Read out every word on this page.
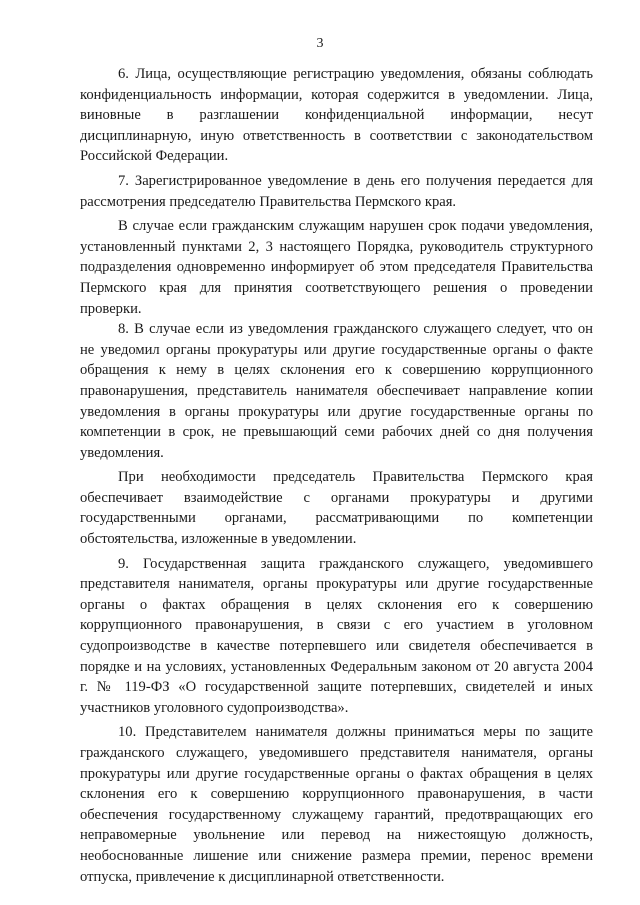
3

6. Лица, осуществляющие регистрацию уведомления, обязаны соблюдать конфиденциальность информации, которая содержится в уведомлении. Лица, виновные в разглашении конфиденциальной информации, несут дисциплинарную, иную ответственность в соответствии с законодательством Российской Федерации.

7. Зарегистрированное уведомление в день его получения передается для рассмотрения председателю Правительства Пермского края.

В случае если гражданским служащим нарушен срок подачи уведомления, установленный пунктами 2, 3 настоящего Порядка, руководитель структурного подразделения одновременно информирует об этом председателя Правительства Пермского края для принятия соответствующего решения о проведении проверки.

8. В случае если из уведомления гражданского служащего следует, что он не уведомил органы прокуратуры или другие государственные органы о факте обращения к нему в целях склонения его к совершению коррупционного правонарушения, представитель нанимателя обеспечивает направление копии уведомления в органы прокуратуры или другие государственные органы по компетенции в срок, не превышающий семи рабочих дней со дня получения уведомления.

При необходимости председатель Правительства Пермского края обеспечивает взаимодействие с органами прокуратуры и другими государственными органами, рассматривающими по компетенции обстоятельства, изложенные в уведомлении.

9. Государственная защита гражданского служащего, уведомившего представителя нанимателя, органы прокуратуры или другие государственные органы о фактах обращения в целях склонения его к совершению коррупционного правонарушения, в связи с его участием в уголовном судопроизводстве в качестве потерпевшего или свидетеля обеспечивается в порядке и на условиях, установленных Федеральным законом от 20 августа 2004 г. № 119-ФЗ «О государственной защите потерпевших, свидетелей и иных участников уголовного судопроизводства».

10. Представителем нанимателя должны приниматься меры по защите гражданского служащего, уведомившего представителя нанимателя, органы прокуратуры или другие государственные органы о фактах обращения в целях склонения его к совершению коррупционного правонарушения, в части обеспечения государственному служащему гарантий, предотвращающих его неправомерные увольнение или перевод на нижестоящую должность, необоснованные лишение или снижение размера премии, перенос времени отпуска, привлечение к дисциплинарной ответственности.
